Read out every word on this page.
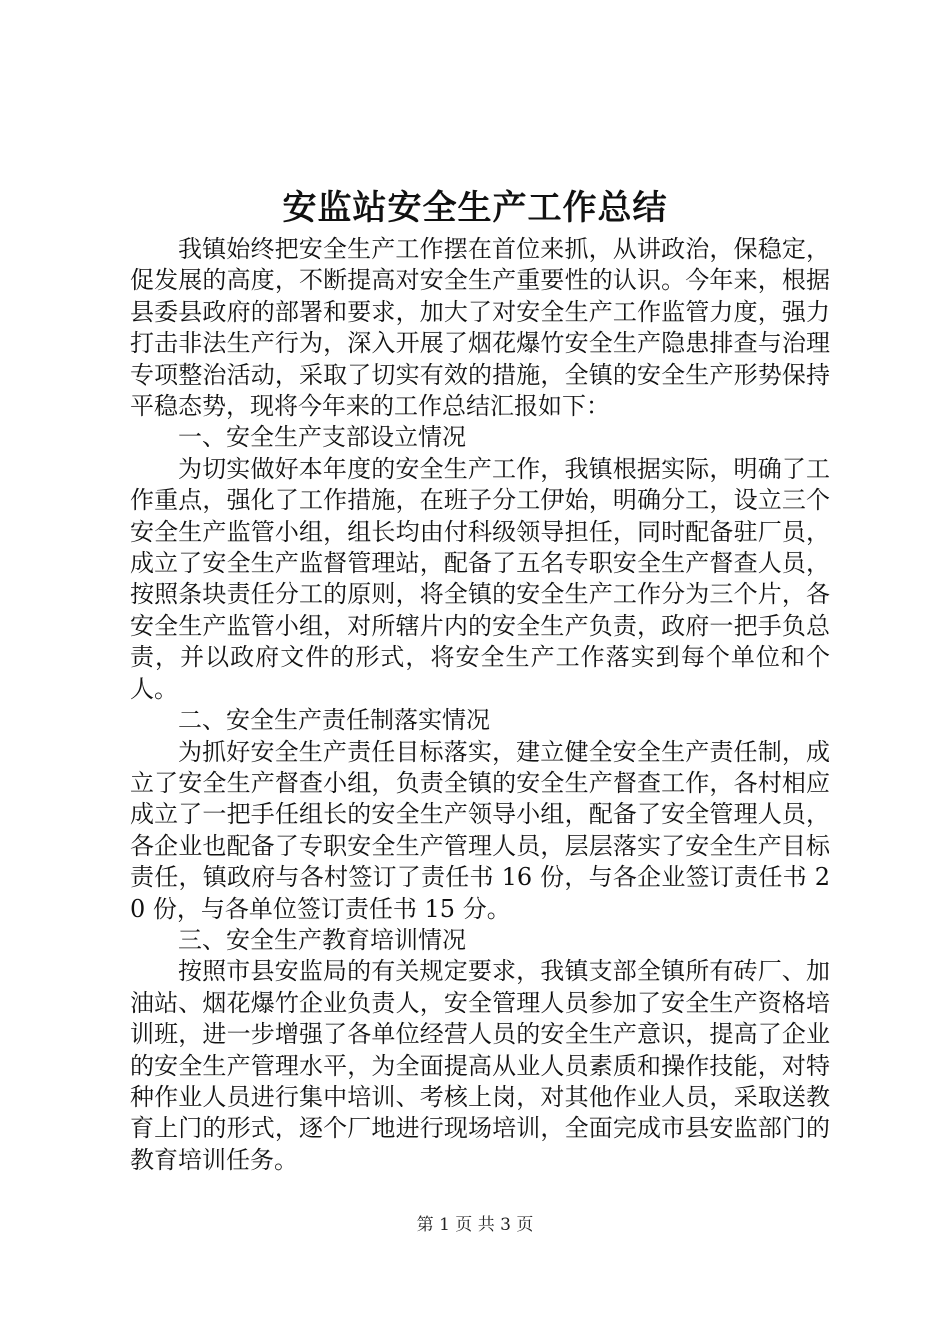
安监站安全生产工作总结

我镇始终把安全生产工作摆在首位来抓，从讲政治，保稳定，促发展的高度，不断提高对安全生产重要性的认识。今年来，根据县委县政府的部署和要求，加大了对安全生产工作监管力度，强力打击非法生产行为，深入开展了烟花爆竹安全生产隐患排查与治理专项整治活动，采取了切实有效的措施，全镇的安全生产形势保持平稳态势，现将今年来的工作总结汇报如下：

一、安全生产支部设立情况

为切实做好本年度的安全生产工作，我镇根据实际，明确了工作重点，强化了工作措施，在班子分工伊始，明确分工，设立三个安全生产监管小组，组长均由付科级领导担任，同时配备驻厂员，成立了安全生产监督管理站，配备了五名专职安全生产督查人员，按照条块责任分工的原则，将全镇的安全生产工作分为三个片，各安全生产监管小组，对所辖片内的安全生产负责，政府一把手负总责，并以政府文件的形式，将安全生产工作落实到每个单位和个人。

二、安全生产责任制落实情况

为抓好安全生产责任目标落实，建立健全安全生产责任制，成立了安全生产督查小组，负责全镇的安全生产督查工作，各村相应成立了一把手任组长的安全生产领导小组，配备了安全管理人员，各企业也配备了专职安全生产管理人员，层层落实了安全生产目标责任，镇政府与各村签订了责任书 16 份，与各企业签订责任书 20 份，与各单位签订责任书 15 分。

三、安全生产教育培训情况

按照市县安监局的有关规定要求，我镇支部全镇所有砖厂、加油站、烟花爆竹企业负责人，安全管理人员参加了安全生产资格培训班，进一步增强了各单位经营人员的安全生产意识，提高了企业的安全生产管理水平，为全面提高从业人员素质和操作技能，对特种作业人员进行集中培训、考核上岗，对其他作业人员，采取送教育上门的形式，逐个厂地进行现场培训，全面完成市县安监部门的教育培训任务。

第 1 页 共 3 页
